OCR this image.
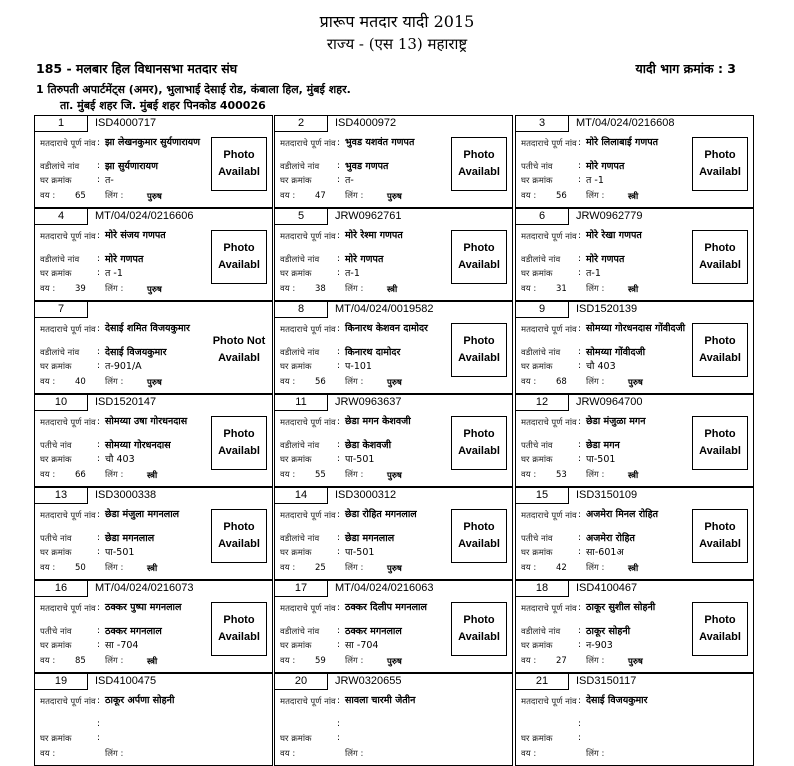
प्रारूप मतदार यादी 2015
राज्य - (एस 13) महाराष्ट्र
185 - मलबार हिल विधानसभा मतदार संघ	यादी भाग क्रमांक : 3
1 तिरुपती अपार्टमेंट्स (अमर), भुलाभाई देसाई रोड, कंबाला हिल, मुंबई शहर.
ता. मुंबई शहर जि. मुंबई शहर पिनकोड 400026
1	ISD4000717
मतदाराचे पूर्ण नांव : झा लेखनकुमार सुर्यणारायण
वडीलांचे नांव : झा सुर्यणारायण
घर क्रमांक	: त-
वय : 65 लिंग :	पुरुष
Photo Availabl
2	ISD4000972
मतदाराचे पूर्ण नांव : भुवड यशवंत गणपत
वडीलांचे नांव : भुवड गणपत
घर क्रमांक	: त-
वय : 47 लिंग :	पुरुष
Photo Availabl
3	MT/04/024/0216608
मतदाराचे पूर्ण नांव : मोरे लिलाबाई गणपत
पतीचे नांव	: मोरे गणपत
घर क्रमांक	: त -1
वय : 56 लिंग :	स्त्री
Photo Availabl
4	MT/04/024/0216606
मतदाराचे पूर्ण नांव : मोरे संजय गणपत
वडीलांचे नांव : मोरे गणपत
घर क्रमांक	: त -1
वय : 39 लिंग :	पुरुष
Photo Availabl
5	JRW0962761
मतदाराचे पूर्ण नांव : मोरे रेश्मा गणपत
वडीलांचे नांव : मोरे गणपत
घर क्रमांक	: त-1
वय : 38 लिंग :	स्त्री
Photo Availabl
6	JRW0962779
मतदाराचे पूर्ण नांव : मोरे रेखा गणपत
वडीलांचे नांव : मोरे गणपत
घर क्रमांक	: त-1
वय : 31 लिंग :	स्त्री
Photo Availabl
7
मतदाराचे पूर्ण नांव : देसाई शमित विजयकुमार
वडीलांचे नांव : देसाई विजयकुमार
घर क्रमांक	: त-901/A
वय : 40 लिंग :	पुरुष
Photo Not Availabl
8	MT/04/024/0019582
मतदाराचे पूर्ण नांव : किनारथ केशवन दामोदर
वडीलांचे नांव : किनारथ दामोदर
घर क्रमांक	: प-101
वय : 56 लिंग :	पुरुष
Photo Availabl
9	ISD1520139
मतदाराचे पूर्ण नांव : सोमय्या गोरधनदास गोंवीदजी
वडीलांचे नांव : सोमय्या गोंवीदजी
घर क्रमांक	: चौ 403
वय : 68 लिंग :	पुरुष
Photo Availabl
10	ISD1520147
मतदाराचे पूर्ण नांव : सोमय्या उषा गोरधनदास
पतीचे नांव	: सोमय्या गोरधनदास
घर क्रमांक	: चौ 403
वय : 66 लिंग :	स्त्री
Photo Availabl
11	JRW0963637
मतदाराचे पूर्ण नांव : छेडा मगन केशवजी
वडीलांचे नांव : छेडा केशवजी
घर क्रमांक	: पा-501
वय : 55 लिंग :	पुरुष
Photo Availabl
12	JRW0964700
मतदाराचे पूर्ण नांव : छेडा मंजुळा मगन
पतीचे नांव	: छेडा मगन
घर क्रमांक	: पा-501
वय : 53 लिंग :	स्त्री
Photo Availabl
13	ISD3000338
मतदाराचे पूर्ण नांव : छेडा मंजुला मगनलाल
पतीचे नांव	: छेडा मगनलाल
घर क्रमांक	: पा-501
वय : 50 लिंग :	स्त्री
Photo Availabl
14	ISD3000312
मतदाराचे पूर्ण नांव : छेडा रोहित मगनलाल
वडीलांचे नांव : छेडा मगनलाल
घर क्रमांक	: पा-501
वय : 25 लिंग :	पुरुष
Photo Availabl
15	ISD3150109
मतदाराचे पूर्ण नांव : अजमेरा मिनल रोहित
पतीचे नांव	: अजमेरा रोहित
घर क्रमांक	: सा-601अ
वय : 42 लिंग :	स्त्री
Photo Availabl
16	MT/04/024/0216073
मतदाराचे पूर्ण नांव : ठक्कर पुष्पा मगनलाल
पतीचे नांव	: ठक्कर मगनलाल
घर क्रमांक	: सा -704
वय : 85 लिंग :	स्त्री
Photo Availabl
17	MT/04/024/0216063
मतदाराचे पूर्ण नांव : ठक्कर दिलीप मगनलाल
वडीलांचे नांव : ठक्कर मगनलाल
घर क्रमांक	: सा -704
वय : 59 लिंग :	पुरुष
Photo Availabl
18	ISD4100467
मतदाराचे पूर्ण नांव : ठाकूर सुशील सोहनी
वडीलांचे नांव : ठाकूर सोहनी
घर क्रमांक	: न-903
वय : 27 लिंग :	पुरुष
Photo Availabl
19	ISD4100475
मतदाराचे पूर्ण नांव : ठाकूर अर्पणा सोहनी
:
घर क्रमांक	:
वय :	लिंग :
20	JRW0320655
मतदाराचे पूर्ण नांव : सावला चारमी जेतीन
:
घर क्रमांक	:
वय :	लिंग :
21	ISD3150117
मतदाराचे पूर्ण नांव : देसाई विजयकुमार
:
घर क्रमांक	:
वय :	लिंग :
